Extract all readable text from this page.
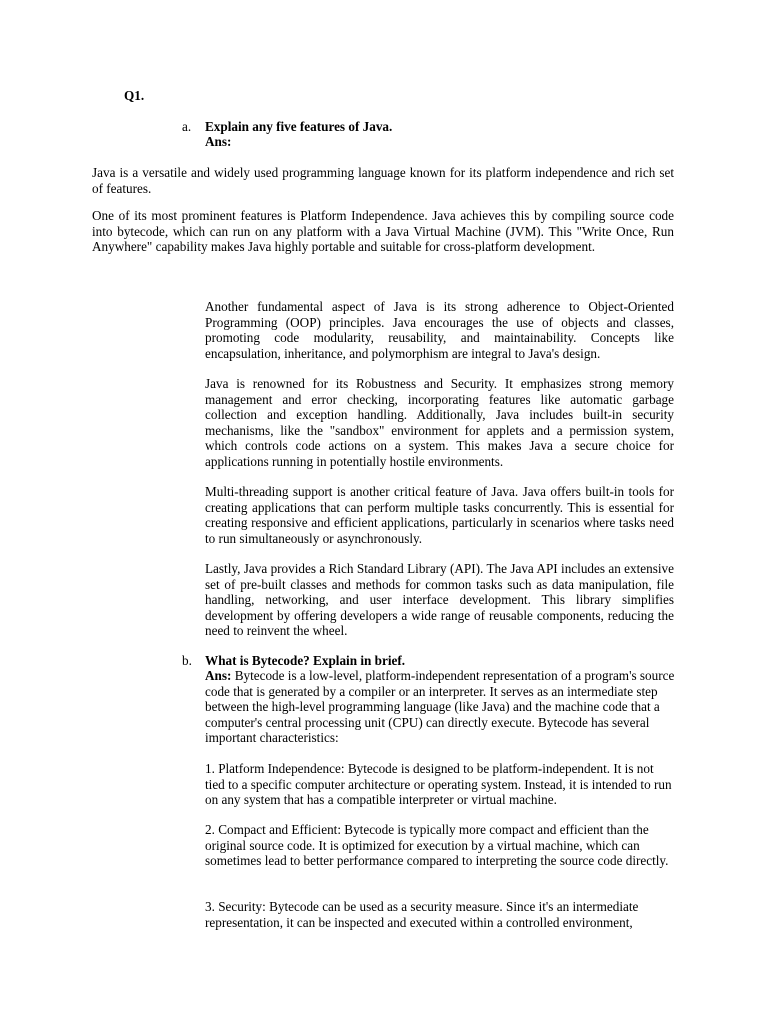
Q1.
a. Explain any five features of Java.
Ans:

Java is a versatile and widely used programming language known for its platform independence and rich set of features.

One of its most prominent features is Platform Independence. Java achieves this by compiling source code into bytecode, which can run on any platform with a Java Virtual Machine (JVM). This "Write Once, Run Anywhere" capability makes Java highly portable and suitable for cross-platform development.

Another fundamental aspect of Java is its strong adherence to Object-Oriented Programming (OOP) principles. Java encourages the use of objects and classes, promoting code modularity, reusability, and maintainability. Concepts like encapsulation, inheritance, and polymorphism are integral to Java's design.

Java is renowned for its Robustness and Security. It emphasizes strong memory management and error checking, incorporating features like automatic garbage collection and exception handling. Additionally, Java includes built-in security mechanisms, like the "sandbox" environment for applets and a permission system, which controls code actions on a system. This makes Java a secure choice for applications running in potentially hostile environments.

Multi-threading support is another critical feature of Java. Java offers built-in tools for creating applications that can perform multiple tasks concurrently. This is essential for creating responsive and efficient applications, particularly in scenarios where tasks need to run simultaneously or asynchronously.

Lastly, Java provides a Rich Standard Library (API). The Java API includes an extensive set of pre-built classes and methods for common tasks such as data manipulation, file handling, networking, and user interface development. This library simplifies development by offering developers a wide range of reusable components, reducing the need to reinvent the wheel.

b. What is Bytecode? Explain in brief.

Ans: Bytecode is a low-level, platform-independent representation of a program's source code that is generated by a compiler or an interpreter. It serves as an intermediate step between the high-level programming language (like Java) and the machine code that a computer's central processing unit (CPU) can directly execute. Bytecode has several important characteristics:

1. Platform Independence: Bytecode is designed to be platform-independent. It is not tied to a specific computer architecture or operating system. Instead, it is intended to run on any system that has a compatible interpreter or virtual machine.

2. Compact and Efficient: Bytecode is typically more compact and efficient than the original source code. It is optimized for execution by a virtual machine, which can sometimes lead to better performance compared to interpreting the source code directly.

3. Security: Bytecode can be used as a security measure. Since it's an intermediate representation, it can be inspected and executed within a controlled environment,
